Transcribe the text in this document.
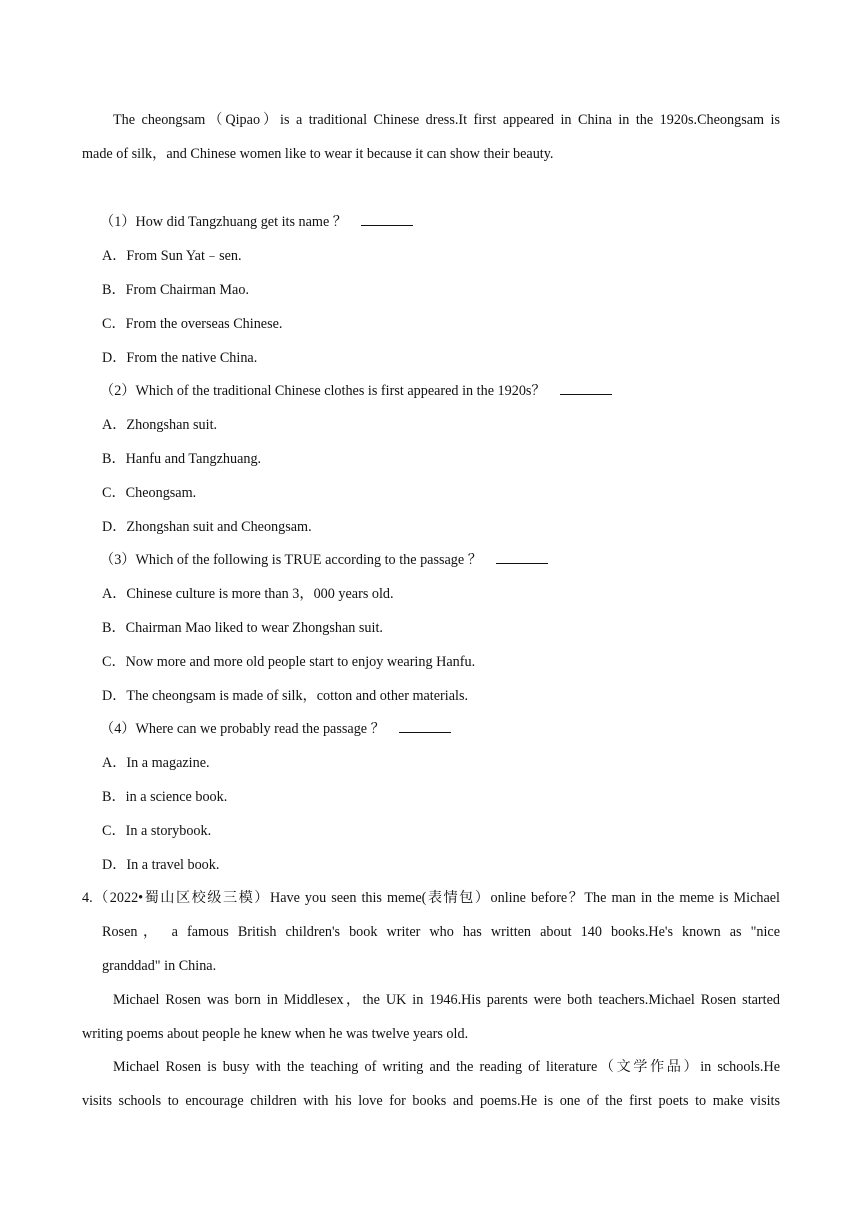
The cheongsam（Qipao）is a traditional Chinese dress.It first appeared in China in the 1920s.Cheongsam is
made of silk，and Chinese women like to wear it because it can show their beauty.
（1）How did Tangzhuang get its name ？
A．From Sun Yat﹣sen.
B．From Chairman Mao.
C．From the overseas Chinese.
D．From the native China.
（2）Which of the traditional Chinese clothes is first appeared in the 1920s？
A．Zhongshan suit.
B．Hanfu and Tangzhuang.
C．Cheongsam.
D．Zhongshan suit and Cheongsam.
（3）Which of the following is TRUE according to the passage ？
A．Chinese culture is more than 3，000 years old.
B．Chairman Mao liked to wear Zhongshan suit.
C．Now more and more old people start to enjoy wearing Hanfu.
D．The cheongsam is made of silk，cotton and other materials.
（4）Where can we probably read the passage ？
A．In a magazine.
B．in a science book.
C．In a storybook.
D．In a travel book.
4.（2022•蜀山区校级三模）Have you seen this meme(表情包）online before？The man in the meme is Michael
Rosen， a famous British children's book writer who has written about 140 books.He's known as "nice
granddad" in China.
Michael Rosen was born in Middlesex，the UK in 1946.His parents were both teachers.Michael Rosen started
writing poems about people he knew when he was twelve years old.
Michael Rosen is busy with the teaching of writing and the reading of literature（文学作品）in schools.He
visits schools to encourage children with his love for books and poems.He is one of the first poets to make visits
